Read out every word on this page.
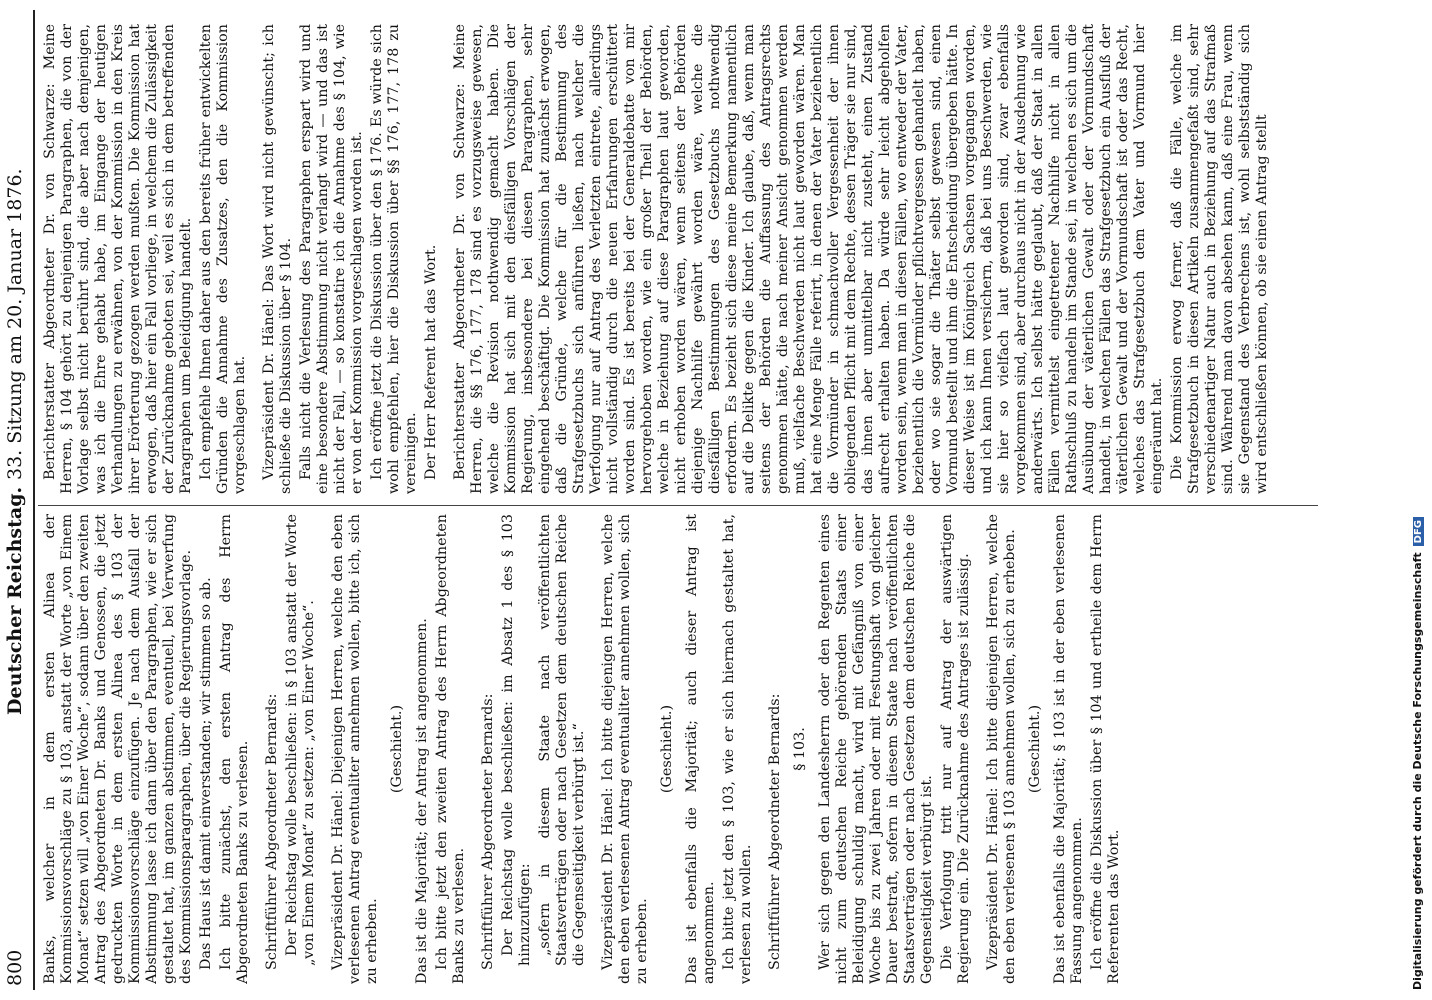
800
Deutscher Reichstag.
33. Sitzung am 20. Januar 1876.

Banks, welcher in dem ersten Alinea der Kommissionsvorschläge zu § 103, anstatt der Worte „von Einem Monat“ setzen will „von Einer Woche“, sodann über den zweiten Antrag des Abgeordneten Dr. Banks und Genossen, die jetzt gedruckten Worte in dem ersten Alinea des § 103 der Kommissionsvorschläge einzufügen. Je nach dem Ausfall der Abstimmung lasse ich dann über den Paragraphen, wie er sich gestaltet hat, im ganzen abstimmen, eventuell, bei Verwerfung des Kommissionsparagraphen, über die Regierungsvorlage. Das Haus ist damit einverstanden; wir stimmen so ab. Ich bitte zunächst, den ersten Antrag des Herrn Abgeordneten Banks zu verlesen. Schriftführer Abgeordneter Bernards: Der Reichstag wolle beschließen: in § 103 anstatt der Worte „von Einem Monat“ zu setzen: „von Einer Woche“. Vizepräsident Dr. Hänel: Diejenigen Herren, welche den eben verlesenen Antrag eventualiter annehmen wollen, bitte ich, sich zu erheben.

(Geschieht.) Das ist die Majorität; der Antrag ist angenommen. Ich bitte jetzt den zweiten Antrag des Herrn Abgeordneten Banks zu verlesen. Schriftführer Abgeordneter Bernards: Der Reichstag wolle beschließen: im Absatz 1 des § 103 hinzuzufügen: „sofern in diesem Staate nach veröffentlichten Staatsverträgen oder nach Gesetzen dem deutschen Reiche die Gegenseitigkeit verbürgt ist.“ Vizepräsident Dr. Hänel: Ich bitte diejenigen Herren, welche den eben verlesenen Antrag eventualiter annehmen wollen, sich zu erheben.

(Geschieht.) Das ist ebenfalls die Majorität; auch dieser Antrag ist angenommen. Ich bitte jetzt den § 103, wie er sich hiernach gestaltet hat, verlesen zu wollen. Schriftführer Abgeordneter Bernards: § 103. Wer sich gegen den Landesherrn oder den Regenten eines nicht zum deutschen Reiche gehörenden Staats einer Beleidigung schuldig macht, wird mit Gefängniß von einer Woche bis zu zwei Jahren oder mit Festungshaft von gleicher Dauer bestraft, sofern in diesem Staate nach veröffentlichten Staatsverträgen oder nach Gesetzen dem deutschen Reiche die Gegenseitigkeit verbürgt ist. Die Verfolgung tritt nur auf Antrag der auswärtigen Regierung ein. Die Zurücknahme des Antrages ist zulässig. Vizepräsident Dr. Hänel: Ich bitte diejenigen Herren, welche den eben verlesenen § 103 annehmen wollen, sich zu erheben. (Geschieht.) Das ist ebenfalls die Majorität; § 103 ist in der eben verlesenen Fassung angenommen. Ich eröffne die Diskussion über § 104 und ertheile dem Herrn Referenten das Wort.

Berichterstatter Abgeordneter Dr. von Schwarze: Meine Herren, § 104 gehört zu denjenigen Paragraphen, die von der Vorlage selbst nicht berührt sind, die aber nach demjenigen, was ich die Ehre gehabt habe, im Eingange der heutigen Verhandlungen zu erwähnen, von der Kommission in den Kreis ihrer Erörterung gezogen werden mußten. Die Kommission hat erwogen, daß hier ein Fall vorliege, in welchem die Zulässigkeit der Zurücknahme geboten sei, weil es sich in dem betreffenden Paragraphen um Beleidigung handelt. Ich empfehle Ihnen daher aus den bereits früher entwickelten Gründen die Annahme des Zusatzes, den die Kommission vorgeschlagen hat. Vizepräsident Dr. Hänel: Das Wort wird nicht gewünscht; ich schließe die Diskussion über § 104. Falls nicht die Verlesung des Paragraphen erspart wird und eine besondere Abstimmung nicht verlangt wird — und das ist nicht der Fall, — so konstatire ich die Annahme des § 104, wie er von der Kommission vorgeschlagen worden ist. Ich eröffne jetzt die Diskussion über den § 176. Es würde sich wohl empfehlen, hier die Diskussion über §§ 176, 177, 178 zu vereinigen. Der Herr Referent hat das Wort. Berichterstatter Abgeordneter Dr. von Schwarze: Meine Herren, die §§ 176, 177, 178 sind es vorzugsweise gewesen, welche die Revision nothwendig gemacht haben. Die Kommission hat sich mit den diesfälligen Vorschlägen der Regierung, insbesondere bei diesen Paragraphen, sehr eingehend beschäftigt. Die Kommission hat zunächst erwogen, daß die Gründe, welche für die Bestimmung des Strafgesetzbuchs sich anführen ließen, nach welcher die Verfolgung nur auf Antrag des Verletzten eintrete, allerdings nicht vollständig durch die neuen Erfahrungen erschüttert worden sind. Es ist bereits bei der Generaldebatte von mir hervorgehoben worden, wie ein großer Theil der Behörden, welche in Beziehung auf diese Paragraphen laut geworden, nicht erhoben worden wären, wenn seitens der Behörden diejenige Nachhilfe gewährt worden wäre, welche die diesfälligen Bestimmungen des Gesetzbuchs nothwendig erfordern. Es bezieht sich diese meine Bemerkung namentlich auf die Delikte gegen die Kinder. Ich glaube, daß, wenn man seitens der Behörden die Auffassung des Antragsrechts genommen hätte, die nach meiner Ansicht genommen werden muß, vielfache Beschwerden nicht laut geworden wären. Man hat eine Menge Fälle referirt, in denen der Vater beziehentlich die Vormünder in schmachvoller Vergessenheit der ihnen obliegenden Pflicht mit dem Rechte, dessen Träger sie nur sind, das ihnen aber unmittelbar nicht zusteht, einen Zustand aufrecht erhalten haben. Da würde sehr leicht abgeholfen worden sein, wenn man in diesen Fällen, wo entweder der Vater, beziehentlich die Vormünder pflichtvergessen gehandelt haben, oder wo sie sogar die Thäter selbst gewesen sind, einen Vormund bestellt und ihm die Entscheidung übergeben hätte. In dieser Weise ist im Königreich Sachsen vorgegangen worden, und ich kann Ihnen versichern, daß bei uns Beschwerden, wie sie hier so vielfach laut geworden sind, zwar ebenfalls vorgekommen sind, aber durchaus nicht in der Ausdehnung wie anderwärts. Ich selbst hätte geglaubt, daß der Staat in allen Fällen vermittelst eingetretener Nachhilfe nicht in allen Rathschluß zu handeln im Stande sei, in welchen es sich um die Ausübung der väterlichen Gewalt oder der Vormundschaft handelt, in welchen Fällen das Strafgesetzbuch ein Ausfluß der väterlichen Gewalt und der Vormundschaft ist oder das Recht, welches das Strafgesetzbuch dem Vater und Vormund hier eingeräumt hat. Die Kommission erwog ferner, daß die Fälle, welche im Strafgesetzbuch in diesen Artikeln zusammengefaßt sind, sehr verschiedenartiger Natur auch in Beziehung auf das Strafmaß sind. Während man davon absehen kann, daß eine Frau, wenn sie Gegenstand des Verbrechens ist, wohl selbstständig sich wird entschließen können, ob sie einen Antrag stellt

Digitalisierung gefördert durch die Deutsche ForschungsgemeinschaftDFG
